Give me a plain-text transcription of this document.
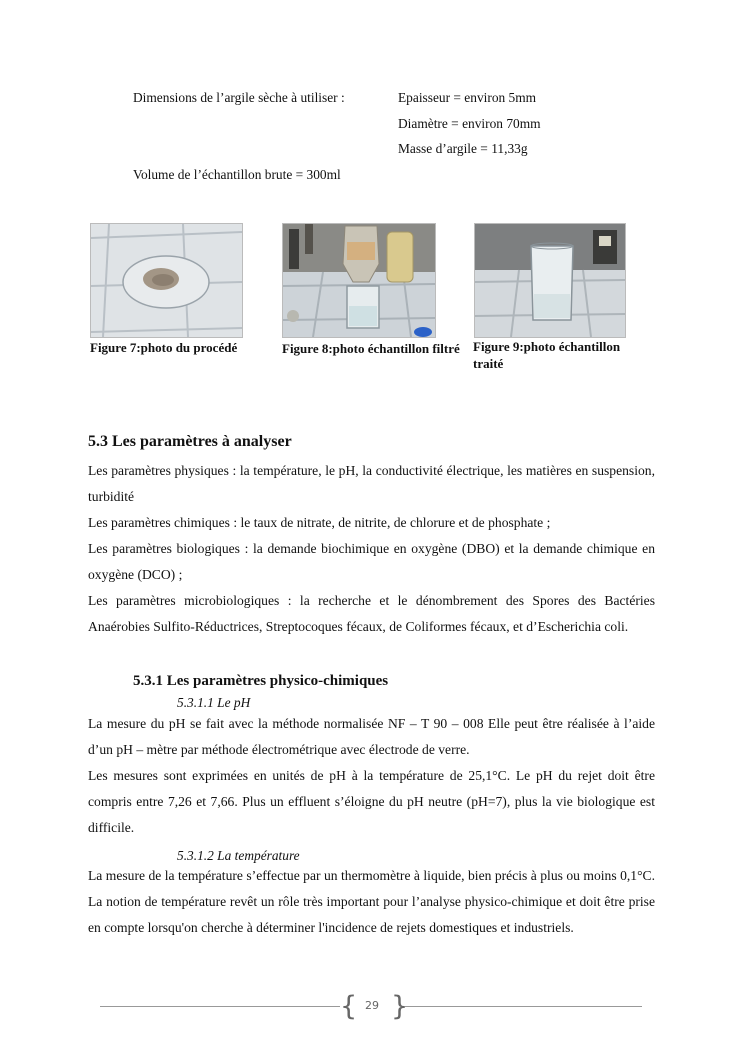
Dimensions de l’argile sèche à utiliser :	Epaisseur = environ 5mm
Diamètre = environ 70mm
Masse d’argile = 11,33g
Volume de l’échantillon brute = 300ml
Figure 7:photo du procédé	Figure 8:photo échantillon filtré Figure 9:photo échantillon traité
5.3 Les paramètres à analyser

Les paramètres physiques : la température, le pH, la conductivité électrique, les matières en suspension, turbidité

Les paramètres chimiques : le taux de nitrate, de nitrite, de chlorure et de phosphate ;

Les paramètres biologiques : la demande biochimique en oxygène (DBO) et la demande chimique en oxygène (DCO) ;

Les paramètres microbiologiques : la recherche et le dénombrement des Spores des Bactéries Anaérobies Sulfito-Réductrices, Streptocoques fécaux, de Coliformes fécaux, et d’Escherichia coli.

5.3.1 Les paramètres physico-chimiques
5.3.1.1 Le pH

La mesure du pH se fait avec la méthode normalisée NF – T 90 – 008 Elle peut être réalisée à l’aide d’un pH – mètre par méthode électrométrique avec électrode de verre.

Les mesures sont exprimées en unités de pH à la température de 25,1°C. Le pH du rejet doit être compris entre 7,26 et 7,66. Plus un effluent s’éloigne du pH neutre (pH=7), plus la vie biologique est difficile.

5.3.1.2 La température

La mesure de la température s’effectue par un thermomètre à liquide, bien précis à plus ou moins 0,1°C. La notion de température revêt un rôle très important pour l’analyse physico-chimique et doit être prise en compte lorsqu'on cherche à déterminer l'incidence de rejets domestiques et industriels.

{ }
29
